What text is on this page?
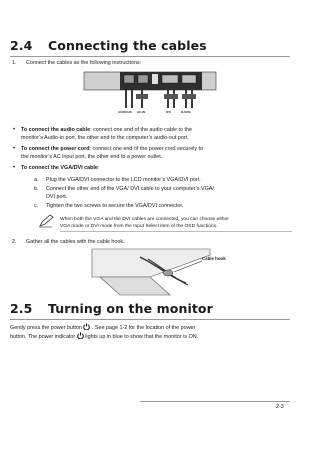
2.4 Connecting the cables
1. Connect the cables as the following instructions:
AUDIO-IN AC-IN	DVI	D-SUB
• To connect the audio cable: connect one end of the audio cable to the
monitor’s Audio-in port, the other end to the computer’s audio-out port.
• To connect the power cord: connect one end of the power cord securely to
the monitor’s AC input port, the other end to a power outlet.
• To connect the VGA/DVI cable:
a. Plug the VGA/DVI connector to the LCD monitor’s VGA/DVI port.
b. Connect the other end of the VGA/ DVI cable to your computer’s VGA/
DVI port.
c. Tighten the two screws to secure the VGA/DVI connector.
When both the VGA and the DVI cables are connected, you can choose either
VGA mode or DVI mode from the Input Select item of the OSD functions.
2. Gather all the cables with the cable hook.
Cable hook
2.5 Turning on the monitor
Gently press the power button . See page 1-2 for the location of the power
button. The power indicator lights up in blue to show that the monitor is ON.
2-3
